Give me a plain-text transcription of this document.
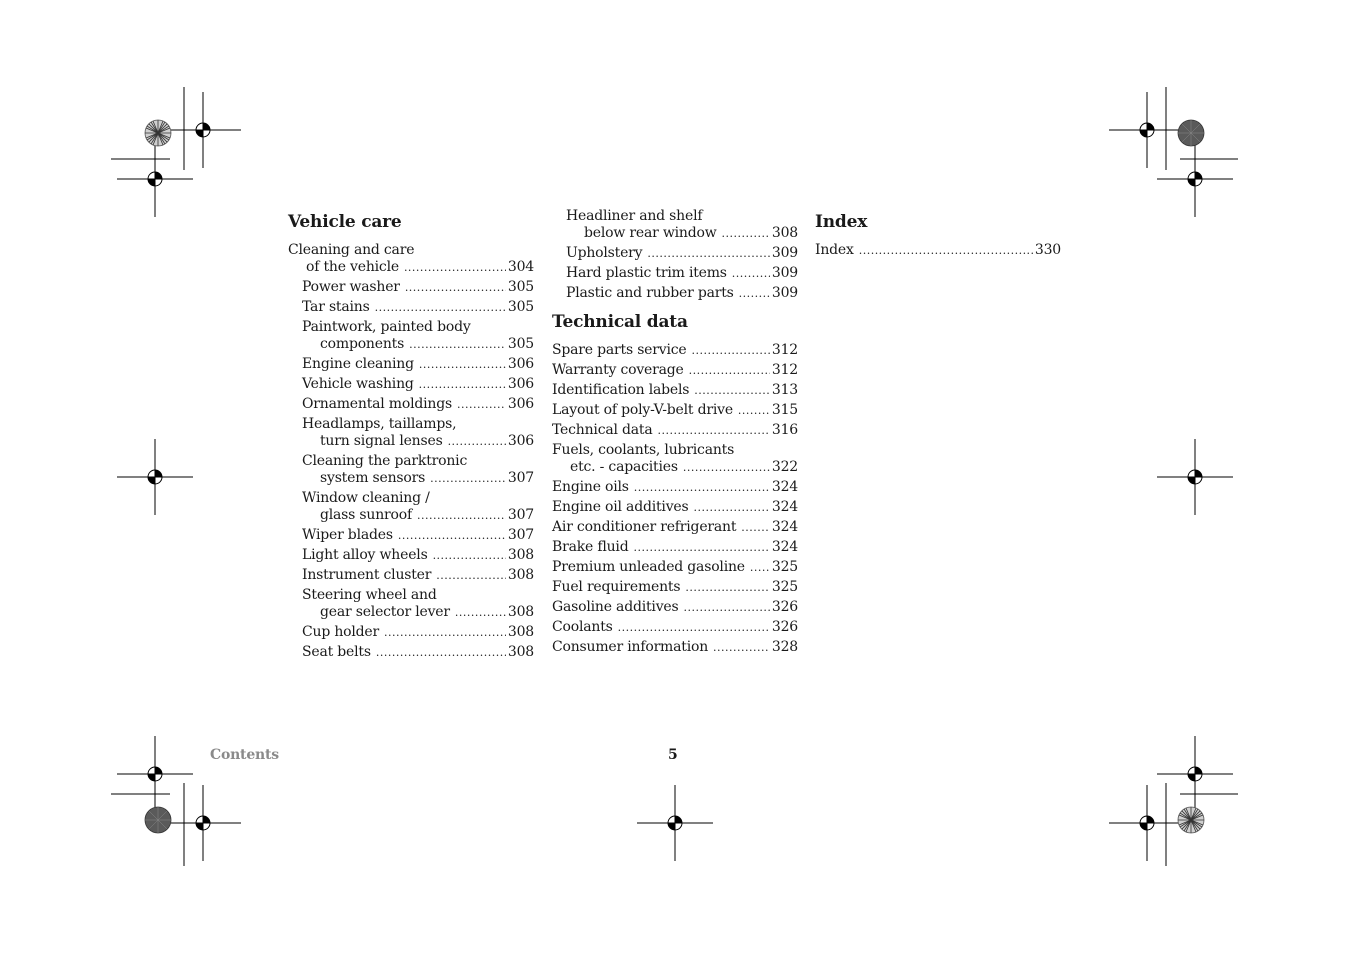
Vehicle care
Cleaning and care
of the vehicle .....	304
Power washer .....	305
Tar stains .....	305
Paintwork, painted body
components .....	305
Engine cleaning .....	306
Vehicle washing .....	306
Ornamental moldings .....	306
Headlamps, taillamps,
turn signal lenses .....	306
Cleaning the parktronic
system sensors .....	307
Window cleaning /
glass sunroof .....	307
Wiper blades .....	307
Light alloy wheels .....	308
Instrument cluster .....	308
Steering wheel and
gear selector lever .....	308
Cup holder .....	308
Seat belts .....	308
Headliner and shelf
below rear window .....	308
Upholstery .....	309
Hard plastic trim items .....	309
Plastic and rubber parts .....	309
Technical data
Spare parts service .....	312
Warranty coverage .....	312
Identification labels .....	313
Layout of poly-V-belt drive .....	315
Technical data .....	316
Fuels, coolants, lubricants
etc. - capacities .....	322
Engine oils .....	324
Engine oil additives .....	324
Air conditioner refrigerant .....	324
Brake fluid .....	324
Premium unleaded gasoline ..... 325
Fuel requirements .....	325
Gasoline additives .....	326
Coolants .....	326
Consumer information .....	328
Index
Index .....	330
Contents	5
